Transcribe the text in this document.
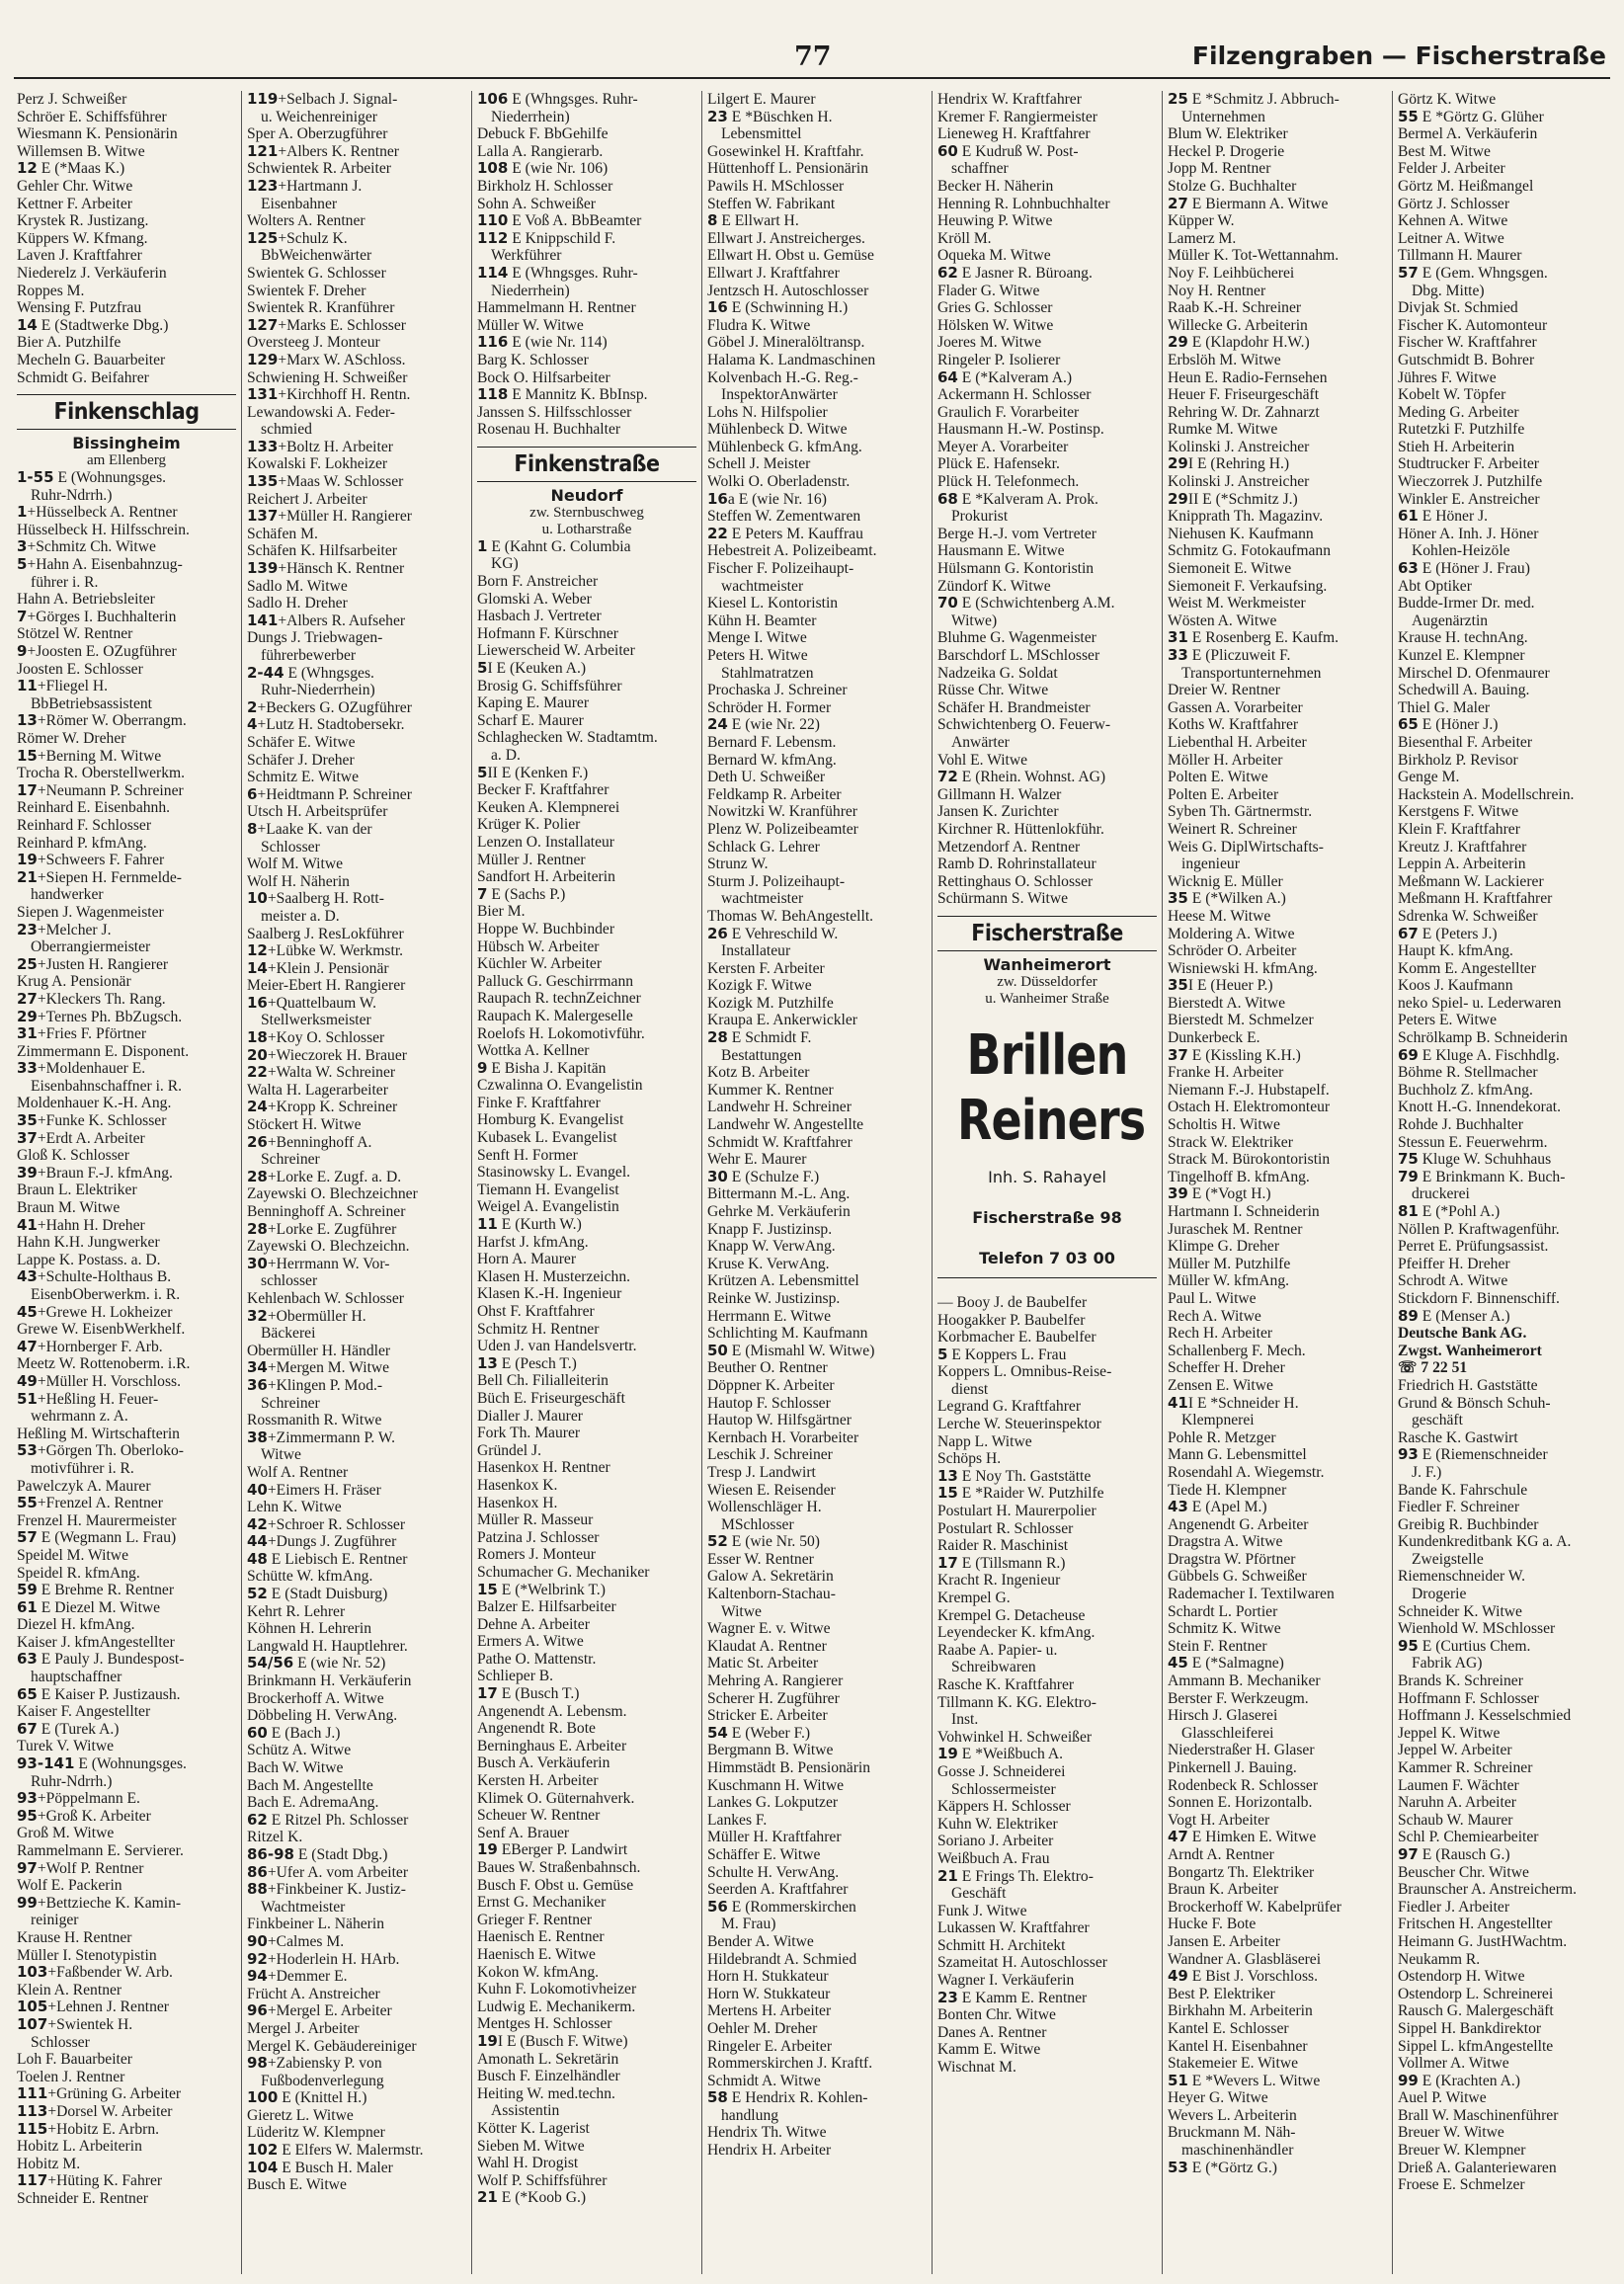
77	Filzengraben — Fischerstraße
Perz J. Schweißer
Schröer E. Schiffsführer
Wiesmann K. Pensionärin
Willemsen B. Witwe
12 E (*Maas K.)
Gehler Chr. Witwe
Kettner F. Arbeiter
Krystek R. Justizang.
Küppers W. Kfmang.
Laven J. Kraftfahrer
Niederelz J. Verkäuferin
Roppes M.
Wensing F. Putzfrau
14 E (Stadtwerke Dbg.)
Bier A. Putzhilfe
Mecheln G. Bauarbeiter
Schmidt G. Beifahrer
Finkenschlag
Bissingheim
am Ellenberg
1-55 E (Wohnungsges.
Ruhr-Ndrrh.)
1+Hüsselbeck A. Rentner
Hüsselbeck H. Hilfsschrein.
3+Schmitz Ch. Witwe
5+Hahn A. Eisenbahnzug-
führer i. R.
Hahn A. Betriebsleiter
7+Görges I. Buchhalterin
Stötzel W. Rentner
9+Joosten E. OZugführer
Joosten E. Schlosser
11+Fliegel H.
BbBetriebsassistent
13+Römer W. Oberrangm.
Römer W. Dreher
15+Berning M. Witwe
Trocha R. Oberstellwerkm.
17+Neumann P. Schreiner
Reinhard E. Eisenbahnh.
Reinhard F. Schlosser
Reinhard P. kfmAng.
19+Schweers F. Fahrer
21+Siepen H. Fernmelde-
handwerker
Siepen J. Wagenmeister
23+Melcher J.
Oberrangiermeister
25+Justen H. Rangierer
Krug A. Pensionär
27+Kleckers Th. Rang.
29+Ternes Ph. BbZugsch.
31+Fries F. Pförtner
Zimmermann E. Disponent.
33+Moldenhauer E.
Eisenbahnschaffner i. R.
Moldenhauer K.-H. Ang.
35+Funke K. Schlosser
37+Erdt A. Arbeiter
Gloß K. Schlosser
39+Braun F.-J. kfmAng.
Braun L. Elektriker
Braun M. Witwe
41+Hahn H. Dreher
Hahn K.H. Jungwerker
Lappe K. Postass. a. D.
43+Schulte-Holthaus B.
EisenbOberwerkm. i. R.
45+Grewe H. Lokheizer
Grewe W. EisenbWerkhelf.
47+Hornberger F. Arb.
Meetz W. Rottenoberm. i.R.
49+Müller H. Vorschloss.
51+Heßling H. Feuer-
wehrmann z. A.
Heßling M. Wirtschafterin
53+Görgen Th. Oberloko-
motivführer i. R.
Pawelczyk A. Maurer
55+Frenzel A. Rentner
Frenzel H. Maurermeister
57 E (Wegmann L. Frau)
Speidel M. Witwe
Speidel R. kfmAng.
59 E Brehme R. Rentner
61 E Diezel M. Witwe
Diezel H. kfmAng.
Kaiser J. kfmAngestellter
63 E Pauly J. Bundespost-
hauptschaffner
65 E Kaiser P. Justizaush.
Kaiser F. Angestellter
67 E (Turek A.)
Turek V. Witwe
93-141 E (Wohnungsges.
Ruhr-Ndrrh.)
93+Pöppelmann E.
95+Groß K. Arbeiter
Groß M. Witwe
Rammelmann E. Servierer.
97+Wolf P. Rentner
Wolf E. Packerin
99+Bettzieche K. Kamin-
reiniger
Krause H. Rentner
Müller I. Stenotypistin
103+Faßbender W. Arb.
Klein A. Rentner
105+Lehnen J. Rentner
107+Swientek H.
Schlosser
Loh F. Bauarbeiter
Toelen J. Rentner
111+Grüning G. Arbeiter
113+Dorsel W. Arbeiter
115+Hobitz E. Arbrn.
Hobitz L. Arbeiterin
Hobitz M.
117+Hüting K. Fahrer
Schneider E. Rentner
119+Selbach J. Signal-
u. Weichenreiniger
Sper A. Oberzugführer
121+Albers K. Rentner
Schwientek R. Arbeiter
123+Hartmann J.
Eisenbahner
Wolters A. Rentner
125+Schulz K.
BbWeichenwärter
Swientek G. Schlosser
Swientek F. Dreher
Swientek R. Kranführer
127+Marks E. Schlosser
Oversteeg J. Monteur
129+Marx W. ASchloss.
Schwiening H. Schweißer
131+Kirchhoff H. Rentn.
Lewandowski A. Feder-
schmied
133+Boltz H. Arbeiter
Kowalski F. Lokheizer
135+Maas W. Schlosser
Reichert J. Arbeiter
137+Müller H. Rangierer
Schäfen M.
Schäfen K. Hilfsarbeiter
139+Hänsch K. Rentner
Sadlo M. Witwe
Sadlo H. Dreher
141+Albers R. Aufseher
Dungs J. Triebwagen-
führerbewerber
2-44 E (Whngsges.
Ruhr-Niederrhein)
2+Beckers G. OZugführer
4+Lutz H. Stadtobersekr.
Schäfer E. Witwe
Schäfer J. Dreher
Schmitz E. Witwe
6+Heidtmann P. Schreiner
Utsch H. Arbeitsprüfer
8+Laake K. van der
Schlosser
Wolf M. Witwe
Wolf H. Näherin
10+Saalberg H. Rott-
meister a. D.
Saalberg J. ResLokführer
12+Lübke W. Werkmstr.
14+Klein J. Pensionär
Meier-Ebert H. Rangierer
16+Quattelbaum W.
Stellwerksmeister
18+Koy O. Schlosser
20+Wieczorek H. Brauer
22+Walta W. Schreiner
Walta H. Lagerarbeiter
24+Kropp K. Schreiner
Stöckert H. Witwe
26+Benninghoff A.
Schreiner
28+Lorke E. Zugf. a. D.
Zayewski O. Blechzeichner
Benninghoff A. Schreiner
28+Lorke E. Zugführer
Zayewski O. Blechzeichn.
30+Herrmann W. Vor-
schlosser
Kehlenbach W. Schlosser
32+Obermüller H.
Bäckerei
Obermüller H. Händler
34+Mergen M. Witwe
36+Klingen P. Mod.-
Schreiner
Rossmanith R. Witwe
38+Zimmermann P. W.
Witwe
Wolf A. Rentner
40+Eimers H. Fräser
Lehn K. Witwe
42+Schroer R. Schlosser
44+Dungs J. Zugführer
48 E Liebisch E. Rentner
Schütte W. kfmAng.
52 E (Stadt Duisburg)
Kehrt R. Lehrer
Köhnen H. Lehrerin
Langwald H. Hauptlehrer.
54/56 E (wie Nr. 52)
Brinkmann H. Verkäuferin
Brockerhoff A. Witwe
Döbbeling H. VerwAng.
60 E (Bach J.)
Schütz A. Witwe
Bach W. Witwe
Bach M. Angestellte
Bach E. AdremaAng.
62 E Ritzel Ph. Schlosser
Ritzel K.
86-98 E (Stadt Dbg.)
86+Ufer A. vom Arbeiter
88+Finkbeiner K. Justiz-
Wachtmeister
Finkbeiner L. Näherin
90+Calmes M.
92+Hoderlein H. HArb.
94+Demmer E.
Frücht A. Anstreicher
96+Mergel E. Arbeiter
Mergel J. Arbeiter
Mergel K. Gebäudereiniger
98+Zabiensky P. von
Fußbodenverlegung
100 E (Knittel H.)
Gieretz L. Witwe
Lüderitz W. Klempner
102 E Elfers W. Malermstr.
104 E Busch H. Maler
Busch E. Witwe
106 E (Whngsges. Ruhr-
Niederrhein)
Debuck F. BbGehilfe
Lalla A. Rangierarb.
108 E (wie Nr. 106)
Birkholz H. Schlosser
Sohn A. Schweißer
110 E Voß A. BbBeamter
112 E Knippschild F.
Werkführer
114 E (Whngsges. Ruhr-
Niederrhein)
Hammelmann H. Rentner
Müller W. Witwe
116 E (wie Nr. 114)
Barg K. Schlosser
Bock O. Hilfsarbeiter
118 E Mannitz K. BbInsp.
Janssen S. Hilfsschlosser
Rosenau H. Buchhalter
Finkenstraße
Neudorf
zw. Sternbuschweg
u. Lotharstraße
1 E (Kahnt G. Columbia
KG)
Born F. Anstreicher
Glomski A. Weber
Hasbach J. Vertreter
Hofmann F. Kürschner
Liewerscheid W. Arbeiter
5I E (Keuken A.)
Brosig G. Schiffsführer
Kaping E. Maurer
Scharf E. Maurer
Schlaghecken W. Stadtamtm.
a. D.
5II E (Kenken F.)
Becker F. Kraftfahrer
Keuken A. Klempnerei
Krüger K. Polier
Lenzen O. Installateur
Müller J. Rentner
Sandfort H. Arbeiterin
7 E (Sachs P.)
Bier M.
Hoppe W. Buchbinder
Hübsch W. Arbeiter
Küchler W. Arbeiter
Palluck G. Geschirrmann
Raupach R. technZeichner
Raupach K. Malergeselle
Roelofs H. Lokomotivführ.
Wottka A. Kellner
9 E Bisha J. Kapitän
Czwalinna O. Evangelistin
Finke F. Kraftfahrer
Homburg K. Evangelist
Kubasek L. Evangelist
Senft H. Former
Stasinowsky L. Evangel.
Tiemann H. Evangelist
Weigel A. Evangelistin
11 E (Kurth W.)
Harfst J. kfmAng.
Horn A. Maurer
Klasen H. Musterzeichn.
Klasen K.-H. Ingenieur
Ohst F. Kraftfahrer
Schmitz H. Rentner
Uden J. van Handelsvertr.
13 E (Pesch T.)
Bell Ch. Filialleiterin
Büch E. Friseurgeschäft
Dialler J. Maurer
Fork Th. Maurer
Gründel J.
Hasenkox H. Rentner
Hasenkox K.
Hasenkox H.
Müller R. Masseur
Patzina J. Schlosser
Romers J. Monteur
Schumacher G. Mechaniker
15 E (*Welbrink T.)
Balzer E. Hilfsarbeiter
Dehne A. Arbeiter
Ermers A. Witwe
Pathe O. Mattenstr.
Schlieper B.
17 E (Busch T.)
Angenendt A. Lebensm.
Angenendt R. Bote
Berninghaus E. Arbeiter
Busch A. Verkäuferin
Kersten H. Arbeiter
Klimek O. Güternahverk.
Scheuer W. Rentner
Senf A. Brauer
19 EBerger P. Landwirt
Baues W. Straßenbahnsch.
Busch F. Obst u. Gemüse
Ernst G. Mechaniker
Grieger F. Rentner
Haenisch E. Rentner
Haenisch E. Witwe
Kokon W. kfmAng.
Kuhn F. Lokomotivheizer
Ludwig E. Mechanikerm.
Mentges H. Schlosser
19I E (Busch F. Witwe)
Amonath L. Sekretärin
Busch F. Einzelhändler
Heiting W. med.techn.
Assistentin
Kötter K. Lagerist
Sieben M. Witwe
Wahl H. Drogist
Wolf P. Schiffsführer
21 E (*Koob G.)
Lilgert E. Maurer
23 E *Büschken H.
Lebensmittel
Gosewinkel H. Kraftfahr.
Hüttenhoff L. Pensionärin
Pawils H. MSchlosser
Steffen W. Fabrikant
8 E Ellwart H.
Ellwart J. Anstreicherges.
Ellwart H. Obst u. Gemüse
Ellwart J. Kraftfahrer
Jentzsch H. Autoschlosser
16 E (Schwinning H.)
Fludra K. Witwe
Göbel J. Mineralöltransp.
Halama K. Landmaschinen
Kolvenbach H.-G. Reg.-
InspektorAnwärter
Lohs N. Hilfspolier
Mühlenbeck D. Witwe
Mühlenbeck G. kfmAng.
Schell J. Meister
Wolki O. Oberladenstr.
16a E (wie Nr. 16)
Steffen W. Zementwaren
22 E Peters M. Kauffrau
Hebestreit A. Polizeibeamt.
Fischer F. Polizeihaupt-
wachtmeister
Kiesel L. Kontoristin
Kühn H. Beamter
Menge I. Witwe
Peters H. Witwe
Stahlmatratzen
Prochaska J. Schreiner
Schröder H. Former
24 E (wie Nr. 22)
Bernard F. Lebensm.
Bernard W. kfmAng.
Deth U. Schweißer
Feldkamp R. Arbeiter
Nowitzki W. Kranführer
Plenz W. Polizeibeamter
Schlack G. Lehrer
Strunz W.
Sturm J. Polizeihaupt-
wachtmeister
Thomas W. BehAngestellt.
26 E Vehreschild W.
Installateur
Kersten F. Arbeiter
Kozigk F. Witwe
Kozigk M. Putzhilfe
Kraupa E. Ankerwickler
28 E Schmidt F.
Bestattungen
Kotz B. Arbeiter
Kummer K. Rentner
Landwehr H. Schreiner
Landwehr W. Angestellte
Schmidt W. Kraftfahrer
Wehr E. Maurer
30 E (Schulze F.)
Bittermann M.-L. Ang.
Gehrke M. Verkäuferin
Knapp F. Justizinsp.
Knapp W. VerwAng.
Kruse K. VerwAng.
Krützen A. Lebensmittel
Reinke W. Justizinsp.
Herrmann E. Witwe
Schlichting M. Kaufmann
50 E (Mismahl W. Witwe)
Beuther O. Rentner
Döppner K. Arbeiter
Hautop F. Schlosser
Hautop W. Hilfsgärtner
Kernbach H. Vorarbeiter
Leschik J. Schreiner
Tresp J. Landwirt
Wiesen E. Reisender
Wollenschläger H.
MSchlosser
52 E (wie Nr. 50)
Esser W. Rentner
Galow A. Sekretärin
Kaltenborn-Stachau-
Witwe
Wagner E. v. Witwe
Klaudat A. Rentner
Matic St. Arbeiter
Mehring A. Rangierer
Scherer H. Zugführer
Stricker E. Arbeiter
54 E (Weber F.)
Bergmann B. Witwe
Himmstädt B. Pensionärin
Kuschmann H. Witwe
Lankes G. Lokputzer
Lankes F.
Müller H. Kraftfahrer
Schäffer E. Witwe
Schulte H. VerwAng.
Seerden A. Kraftfahrer
56 E (Rommerskirchen
M. Frau)
Bender A. Witwe
Hildebrandt A. Schmied
Horn H. Stukkateur
Horn W. Stukkateur
Mertens H. Arbeiter
Oehler M. Dreher
Ringeler E. Arbeiter
Rommerskirchen J. Kraftf.
Schmidt A. Witwe
58 E Hendrix R. Kohlen-
handlung
Hendrix Th. Witwe
Hendrix H. Arbeiter
Hendrix W. Kraftfahrer
Kremer F. Rangiermeister
Lieneweg H. Kraftfahrer
60 E Kudruß W. Post-
schaffner
Becker H. Näherin
Henning R. Lohnbuchhalter
Heuwing P. Witwe
Kröll M.
Oqueka M. Witwe
62 E Jasner R. Büroang.
Flader G. Witwe
Gries G. Schlosser
Hölsken W. Witwe
Joeres M. Witwe
Ringeler P. Isolierer
64 E (*Kalveram A.)
Ackermann H. Schlosser
Graulich F. Vorarbeiter
Hausmann H.-W. Postinsp.
Meyer A. Vorarbeiter
Plück E. Hafensekr.
Plück H. Telefonmech.
68 E *Kalveram A. Prok.
Prokurist
Berge H.-J. vom Vertreter
Hausmann E. Witwe
Hülsmann G. Kontoristin
Zündorf K. Witwe
70 E (Schwichtenberg A.M.
Witwe)
Bluhme G. Wagenmeister
Barschdorf L. MSchlosser
Nadzeika G. Soldat
Rüsse Chr. Witwe
Schäfer H. Brandmeister
Schwichtenberg O. Feuerw-
Anwärter
Vohl E. Witwe
72 E (Rhein. Wohnst. AG)
Gillmann H. Walzer
Jansen K. Zurichter
Kirchner R. Hüttenlokführ.
Metzendorf A. Rentner
Ramb D. Rohrinstallateur
Rettinghaus O. Schlosser
Schürmann S. Witwe
Fischerstraße
Wanheimerort
zw. Düsseldorfer
u. Wanheimer Straße
Brillen
Reiners
Inh. S. Rahayel
Fischerstraße 98
Telefon 7 03 00
— Booy J. de Baubelfer
Hoogakker P. Baubelfer
Korbmacher E. Baubelfer
5 E Koppers L. Frau
Koppers L. Omnibus-Reise-
dienst
Legrand G. Kraftfahrer
Lerche W. Steuerinspektor
Napp L. Witwe
Schöps H.
13 E Noy Th. Gaststätte
15 E *Raider W. Putzhilfe
Postulart H. Maurerpolier
Postulart R. Schlosser
Raider R. Maschinist
17 E (Tillsmann R.)
Kracht R. Ingenieur
Krempel G.
Krempel G. Detacheuse
Leyendecker K. kfmAng.
Raabe A. Papier- u.
Schreibwaren
Rasche K. Kraftfahrer
Tillmann K. KG. Elektro-
Inst.
Vohwinkel H. Schweißer
19 E *Weißbuch A.
Gosse J. Schneiderei
Schlossermeister
Käppers H. Schlosser
Kuhn W. Elektriker
Soriano J. Arbeiter
Weißbuch A. Frau
21 E Frings Th. Elektro-
Geschäft
Funk J. Witwe
Lukassen W. Kraftfahrer
Schmitt H. Architekt
Szameitat H. Autoschlosser
Wagner I. Verkäuferin
23 E Kamm E. Rentner
Bonten Chr. Witwe
Danes A. Rentner
Kamm E. Witwe
Wischnat M.
25 E *Schmitz J. Abbruch-
Unternehmen
Blum W. Elektriker
Heckel P. Drogerie
Jopp M. Rentner
Stolze G. Buchhalter
27 E Biermann A. Witwe
Küpper W.
Lamerz M.
Müller K. Tot-Wettannahm.
Noy F. Leihbücherei
Noy H. Rentner
Raab K.-H. Schreiner
Willecke G. Arbeiterin
29 E (Klapdohr H.W.)
Erbslöh M. Witwe
Heun E. Radio-Fernsehen
Heuer F. Friseurgeschäft
Rehring W. Dr. Zahnarzt
Rumke M. Witwe
Kolinski J. Anstreicher
29I E (Rehring H.)
Kolinski J. Anstreicher
29II E (*Schmitz J.)
Knipprath Th. Magazinv.
Niehusen K. Kaufmann
Schmitz G. Fotokaufmann
Siemoneit E. Witwe
Siemoneit F. Verkaufsing.
Weist M. Werkmeister
Wösten A. Witwe
31 E Rosenberg E. Kaufm.
33 E (Pliczuweit F.
Transportunternehmen
Dreier W. Rentner
Gassen A. Vorarbeiter
Koths W. Kraftfahrer
Liebenthal H. Arbeiter
Möller H. Arbeiter
Polten E. Witwe
Polten E. Arbeiter
Syben Th. Gärtnermstr.
Weinert R. Schreiner
Weis G. DiplWirtschafts-
ingenieur
Wicknig E. Müller
35 E (*Wilken A.)
Heese M. Witwe
Moldering A. Witwe
Schröder O. Arbeiter
Wisniewski H. kfmAng.
35I E (Heuer P.)
Bierstedt A. Witwe
Bierstedt M. Schmelzer
Dunkerbeck E.
37 E (Kissling K.H.)
Franke H. Arbeiter
Niemann F.-J. Hubstapelf.
Ostach H. Elektromonteur
Scholtis H. Witwe
Strack W. Elektriker
Strack M. Bürokontoristin
Tingelhoff B. kfmAng.
39 E (*Vogt H.)
Hartmann I. Schneiderin
Juraschek M. Rentner
Klimpe G. Dreher
Müller M. Putzhilfe
Müller W. kfmAng.
Paul L. Witwe
Rech A. Witwe
Rech H. Arbeiter
Schallenberg F. Mech.
Scheffer H. Dreher
Zensen E. Witwe
41I E *Schneider H.
Klempnerei
Pohle R. Metzger
Mann G. Lebensmittel
Rosendahl A. Wiegemstr.
Tiede H. Klempner
43 E (Apel M.)
Angenendt G. Arbeiter
Dragstra A. Witwe
Dragstra W. Pförtner
Gübbels G. Schweißer
Rademacher I. Textilwaren
Schardt L. Portier
Schmitz K. Witwe
Stein F. Rentner
45 E (*Salmagne)
Ammann B. Mechaniker
Berster F. Werkzeugm.
Hirsch J. Glaserei
Glasschleiferei
Niederstraßer H. Glaser
Pinkernell J. Bauing.
Rodenbeck R. Schlosser
Sonnen E. Horizontalb.
Vogt H. Arbeiter
47 E Himken E. Witwe
Arndt A. Rentner
Bongartz Th. Elektriker
Braun K. Arbeiter
Brockerhoff W. Kabelprüfer
Hucke F. Bote
Jansen E. Arbeiter
Wandner A. Glasbläserei
49 E Bist J. Vorschloss.
Best P. Elektriker
Birkhahn M. Arbeiterin
Kantel E. Schlosser
Kantel H. Eisenbahner
Stakemeier E. Witwe
51 E *Wevers L. Witwe
Heyer G. Witwe
Wevers L. Arbeiterin
Bruckmann M. Näh-
maschinenhändler
53 E (*Görtz G.)
Görtz K. Witwe
55 E *Görtz G. Glüher
Bermel A. Verkäuferin
Best M. Witwe
Felder J. Arbeiter
Görtz M. Heißmangel
Görtz J. Schlosser
Kehnen A. Witwe
Leitner A. Witwe
Tillmann H. Maurer
57 E (Gem. Whngsgen.
Dbg. Mitte)
Divjak St. Schmied
Fischer K. Automonteur
Fischer W. Kraftfahrer
Gutschmidt B. Bohrer
Jühres F. Witwe
Kobelt W. Töpfer
Meding G. Arbeiter
Rutetzki F. Putzhilfe
Stieh H. Arbeiterin
Studtrucker F. Arbeiter
Wieczorrek J. Putzhilfe
Winkler E. Anstreicher
61 E Höner J.
Höner A. Inh. J. Höner
Kohlen-Heizöle
63 E (Höner J. Frau)
Abt Optiker
Budde-Irmer Dr. med.
Augenärztin
Krause H. technAng.
Kunzel E. Klempner
Mirschel D. Ofenmaurer
Schedwill A. Bauing.
Thiel G. Maler
65 E (Höner J.)
Biesenthal F. Arbeiter
Birkholz P. Revisor
Genge M.
Hackstein A. Modellschrein.
Kerstgens F. Witwe
Klein F. Kraftfahrer
Kreutz J. Kraftfahrer
Leppin A. Arbeiterin
Meßmann W. Lackierer
Meßmann H. Kraftfahrer
Sdrenka W. Schweißer
67 E (Peters J.)
Haupt K. kfmAng.
Komm E. Angestellter
Koos J. Kaufmann
neko Spiel- u. Lederwaren
Peters E. Witwe
Schrölkamp B. Schneiderin
69 E Kluge A. Fischhdlg.
Böhme R. Stellmacher
Buchholz Z. kfmAng.
Knott H.-G. Innendekorat.
Rohde J. Buchhalter
Stessun E. Feuerwehrm.
75 Kluge W. Schuhhaus
79 E Brinkmann K. Buch-
druckerei
81 E (*Pohl A.)
Nöllen P. Kraftwagenführ.
Perret E. Prüfungsassist.
Pfeiffer H. Dreher
Schrodt A. Witwe
Stickdorn F. Binnenschiff.
89 E (Menser A.)
Deutsche Bank AG.
Zwgst. Wanheimerort
☏ 7 22 51
Friedrich H. Gaststätte
Grund & Bönsch Schuh-
geschäft
Rasche K. Gastwirt
93 E (Riemenschneider
J. F.)
Bande K. Fahrschule
Fiedler F. Schreiner
Greibig R. Buchbinder
Kundenkreditbank KG a. A.
Zweigstelle
Riemenschneider W.
Drogerie
Schneider K. Witwe
Wienhold W. MSchlosser
95 E (Curtius Chem.
Fabrik AG)
Brands K. Schreiner
Hoffmann F. Schlosser
Hoffmann J. Kesselschmied
Jeppel K. Witwe
Jeppel W. Arbeiter
Kammer R. Schreiner
Laumen F. Wächter
Naruhn A. Arbeiter
Schaub W. Maurer
Schl P. Chemiearbeiter
97 E (Rausch G.)
Beuscher Chr. Witwe
Braunscher A. Anstreicherm.
Fiedler J. Arbeiter
Fritschen H. Angestellter
Heimann G. JustHWachtm.
Neukamm R.
Ostendorp H. Witwe
Ostendorp L. Schreinerei
Rausch G. Malergeschäft
Sippel H. Bankdirektor
Sippel L. kfmAngestellte
Vollmer A. Witwe
99 E (Krachten A.)
Auel P. Witwe
Brall W. Maschinenführer
Breuer W. Witwe
Breuer W. Klempner
Drieß A. Galanteriewaren
Froese E. Schmelzer
